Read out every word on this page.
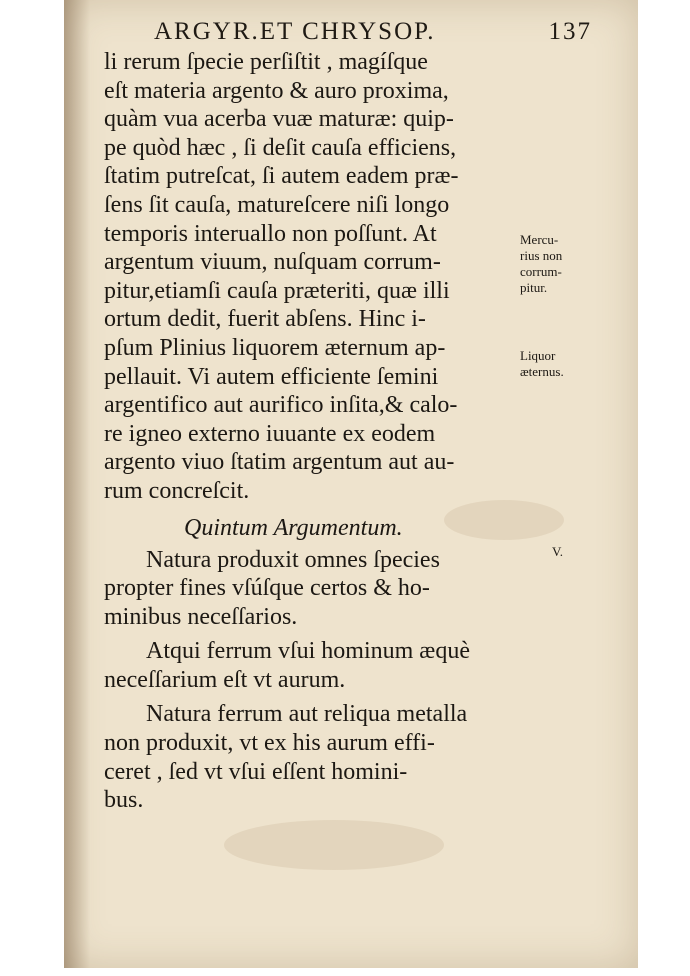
ARGYR.ET CHRYSOP.	137
li rerum ſpecie perſiſtit , magíſque
eſt materia argento & auro proxima,
quàm vua acerba vuæ maturæ: quip-
pe quòd hæc , ſi deſit cauſa efficiens,
ſtatim putreſcat, ſi autem eadem præ-
ſens ſit cauſa, matureſcere niſi longo
temporis interuallo non poſſunt. At
argentum viuum, nuſquam corrum-
pitur,etiamſi cauſa præteriti, quæ illi
ortum dedit, fuerit abſens. Hinc i-
pſum Plinius liquorem æternum ap-
pellauit. Vi autem efficiente ſemini
argentifico aut aurifico inſita,& calo-
re igneo externo iuuante ex eodem
argento viuo ſtatim argentum aut au-
rum concreſcit.
Quintum Argumentum.
Natura produxit omnes ſpecies
propter fines vſúſque certos & ho-
minibus neceſſarios.
Atqui ferrum vſui hominum æquè
neceſſarium eſt vt aurum.
Natura ferrum aut reliqua metalla
non produxit, vt ex his aurum effi-
ceret , ſed vt vſui eſſent homini-
bus.
Mercu-
rius non
corrum-
pitur.
Liquor
æternus.
V.
